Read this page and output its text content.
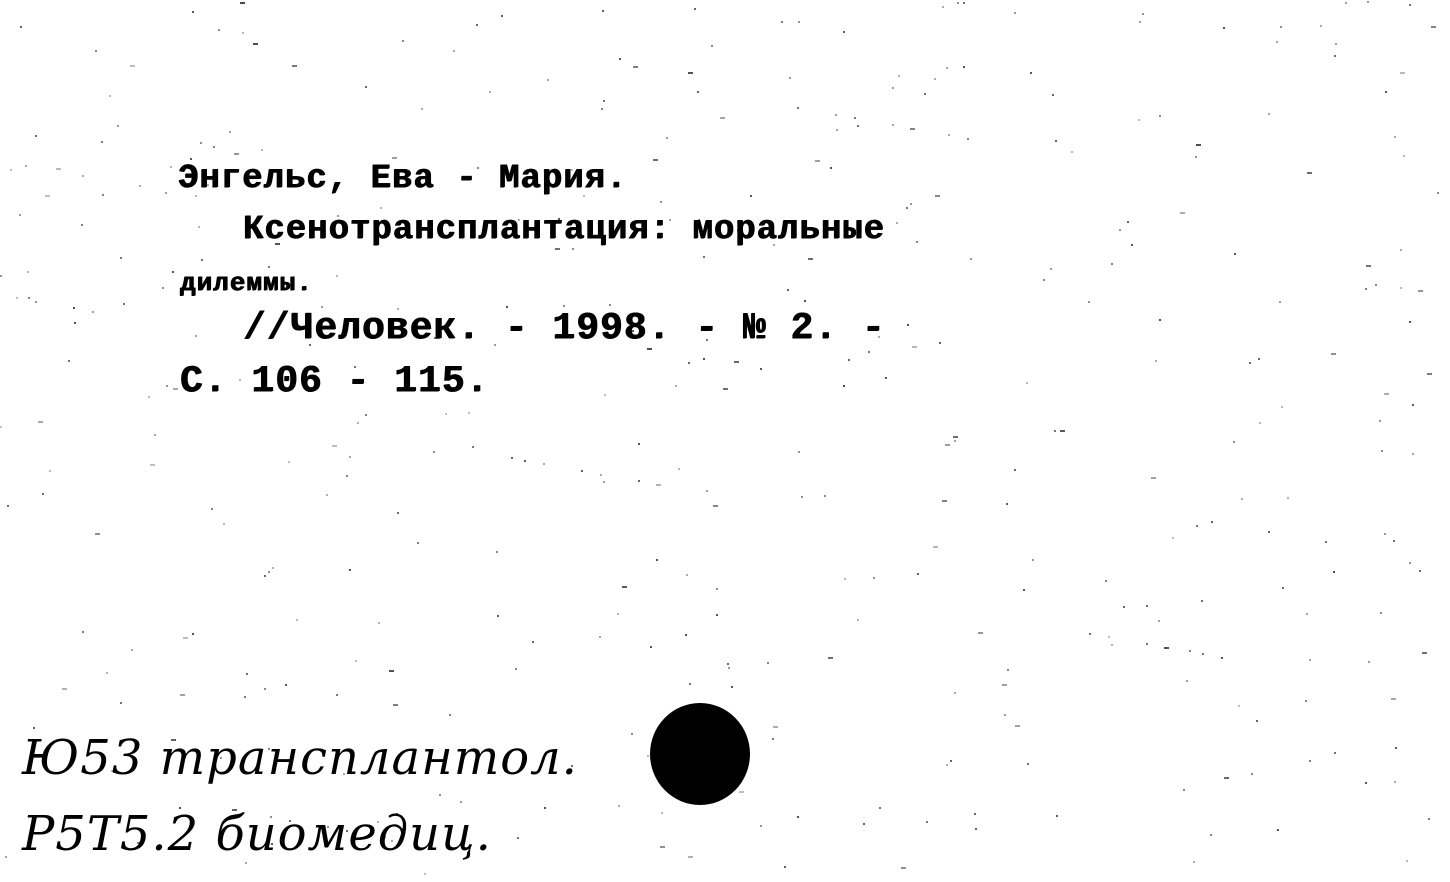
Энгельс, Ева - Мария.
Ксенотрансплантация: моральные
дилеммы.
//Человек. - 1998. - № 2. -
С. 106 - 115.
Ю53 трансплантол.
Р5Т5.2 биомедиц.
